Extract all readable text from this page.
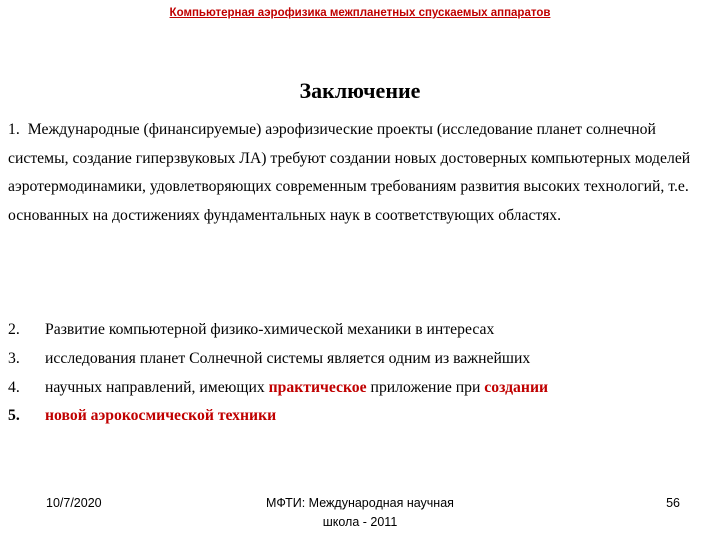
Компьютерная аэрофизика межпланетных спускаемых аппаратов
Заключение
1. Международные (финансируемые) аэрофизические проекты (исследование планет солнечной системы, создание гиперзвуковых ЛА) требуют создании новых достоверных компьютерных моделей аэротермодинамики, удовлетворяющих современным требованиям развития высоких технологий, т.е. основанных на достижениях фундаментальных наук в соответствующих областях.
2.
3.
4.
5.
Развитие компьютерной физико-химической механики в интересах
исследования планет Солнечной системы является одним из важнейших
научных направлений, имеющих практическое приложение при создании
новой аэрокосмической техники
10/7/2020	МФТИ: Международная научная
школа - 2011
56
